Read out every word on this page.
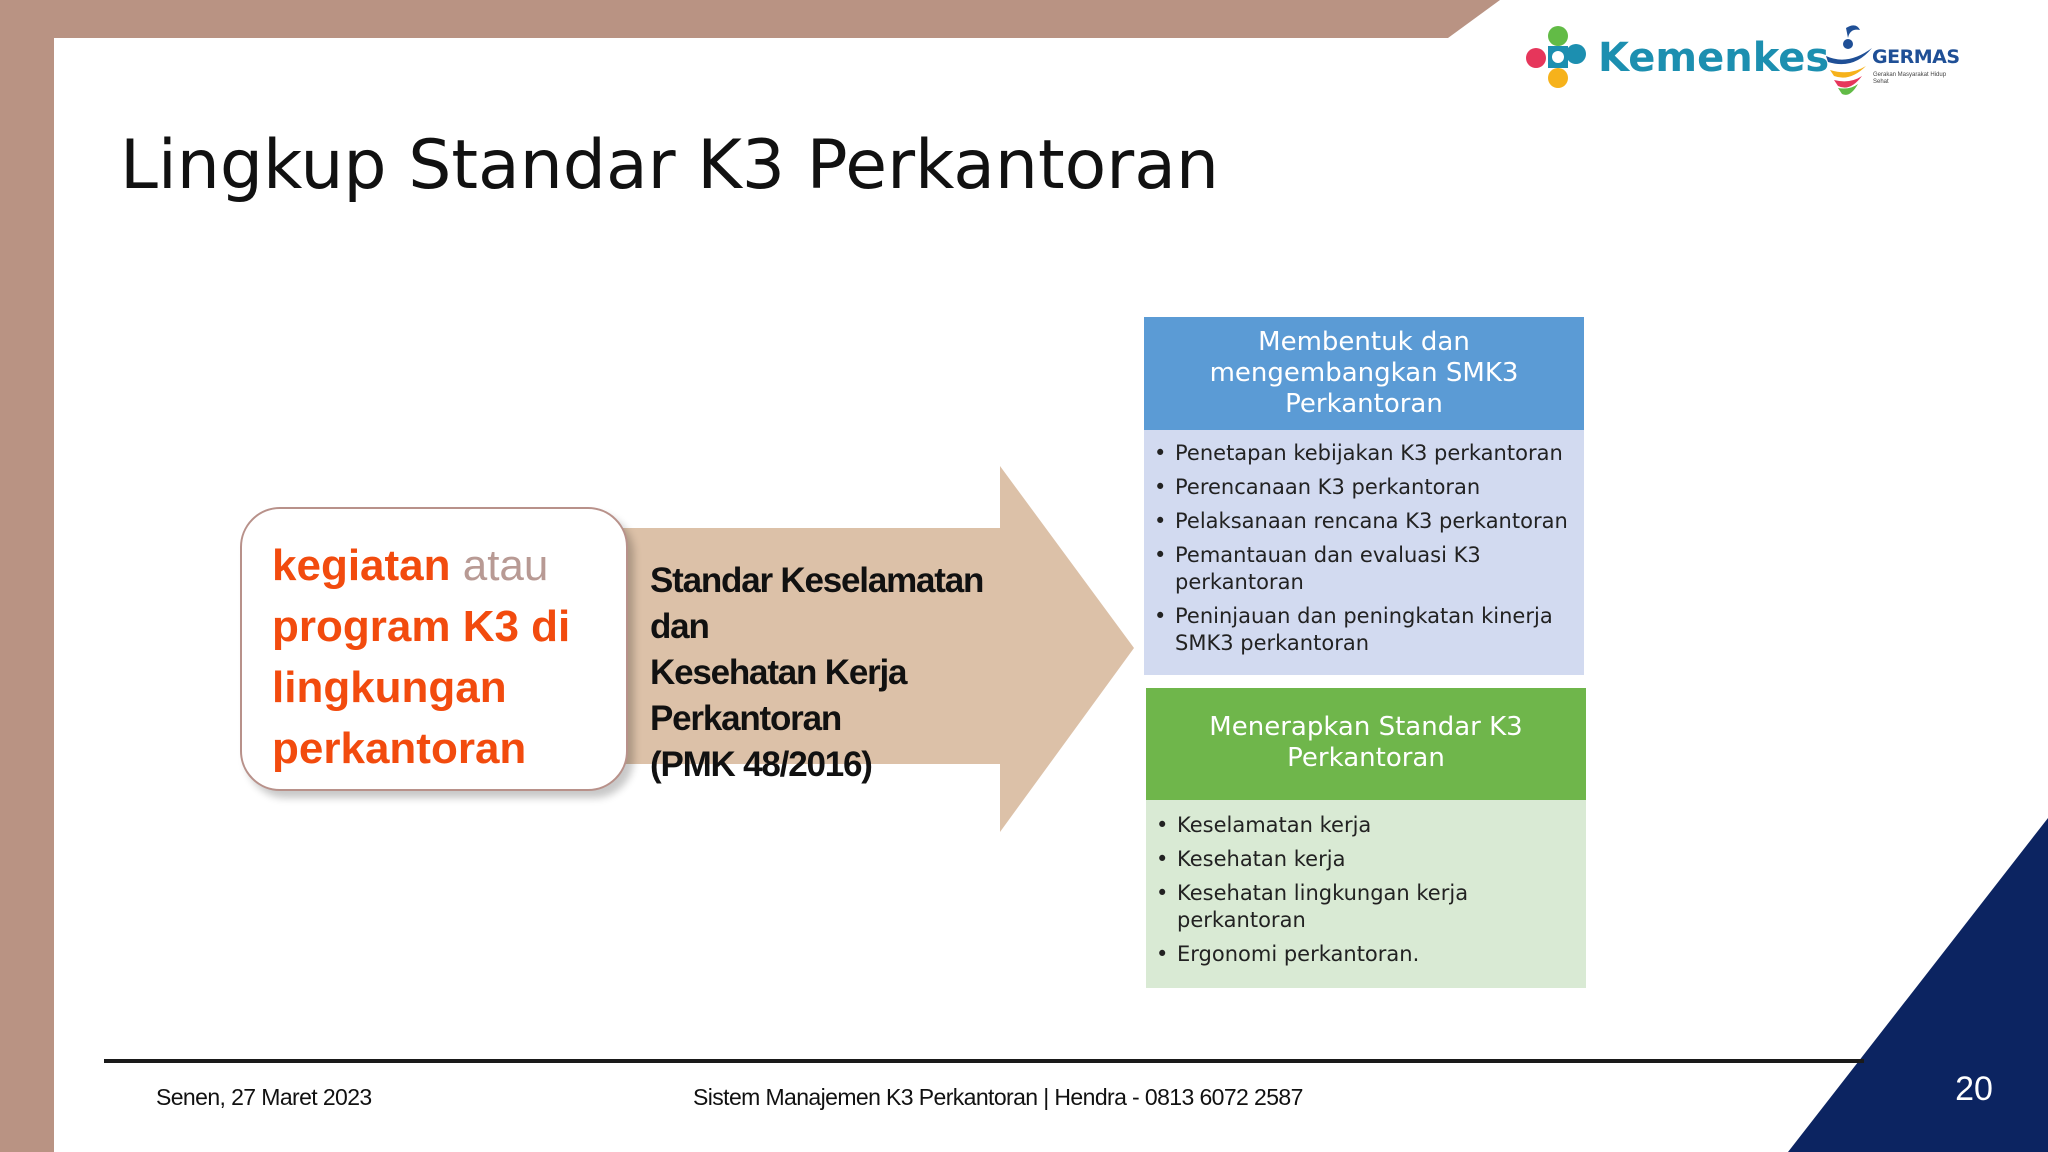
Kemenkes GERMAS
Gerakan Masyarakat Hidup Sehat
Lingkup Standar K3 Perkantoran
Standar Keselamatan dan
Kesehatan Kerja
Perkantoran
(PMK 48/2016)
kegiatan atau program K3 di lingkungan perkantoran
Membentuk dan mengembangkan SMK3 Perkantoran
• Penetapan kebijakan K3 perkantoran
• Perencanaan K3 perkantoran
• Pelaksanaan rencana K3 perkantoran
• Pemantauan dan evaluasi K3 perkantoran
• Peninjauan dan peningkatan kinerja SMK3 perkantoran
Menerapkan Standar K3 Perkantoran
• Keselamatan kerja
• Kesehatan kerja
• Kesehatan lingkungan kerja perkantoran
• Ergonomi perkantoran.
Senen, 27 Maret 2023	Sistem Manajemen K3 Perkantoran | Hendra - 0813 6072 2587	20
